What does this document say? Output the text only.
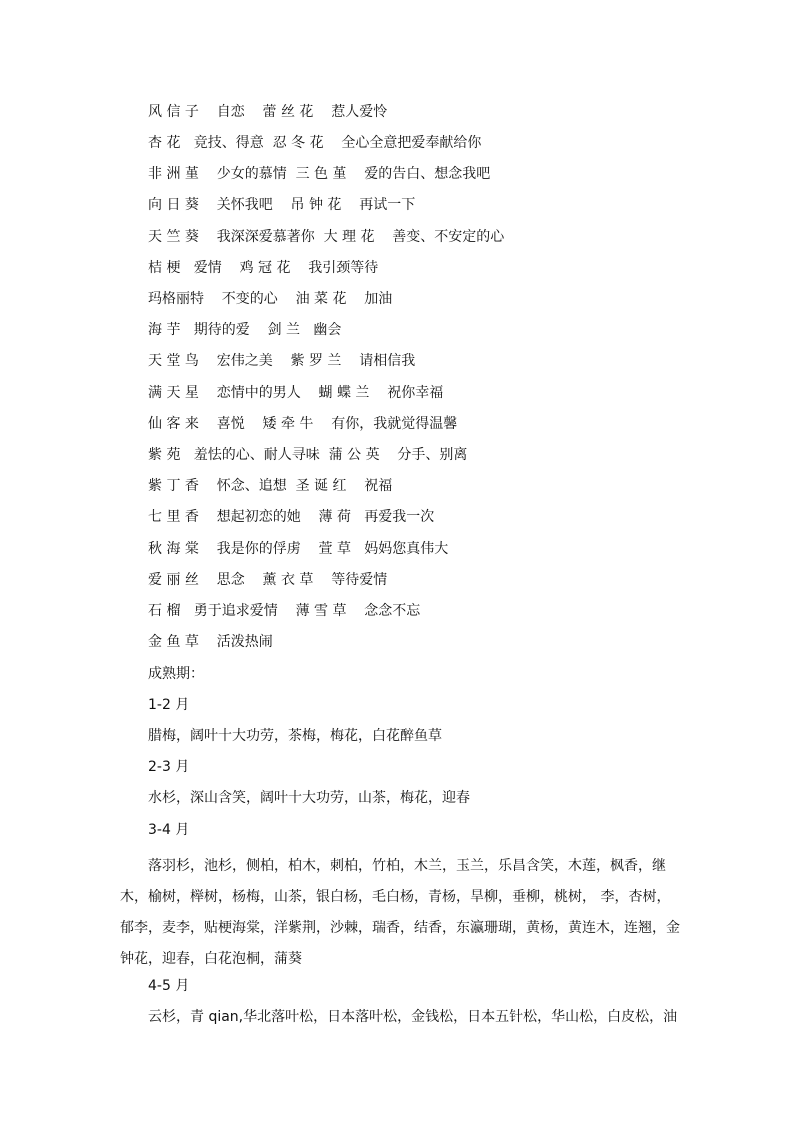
风 信 子    自恋    蕾 丝 花    惹人爱怜
杏 花   竞技、得意  忍 冬 花    全心全意把爱奉献给你
非 洲 堇    少女的慕情  三 色 堇    爱的告白、想念我吧
向 日 葵    关怀我吧    吊 钟 花    再试一下
天 竺 葵    我深深爱慕著你  大 理 花    善变、不安定的心
桔 梗   爱情    鸡 冠 花    我引颈等待
玛格丽特    不变的心    油 菜 花    加油
海 芋   期待的爱    剑 兰   幽会
天 堂 鸟    宏伟之美    紫 罗 兰    请相信我
满 天 星    恋情中的男人    蝴 蝶 兰    祝你幸福
仙 客 来    喜悦    矮 牵 牛    有你，我就觉得温馨
紫 苑   羞怯的心、耐人寻味  蒲 公 英    分手、别离
紫 丁 香    怀念、追想  圣 诞 红    祝福
七 里 香    想起初恋的她    薄 荷   再爱我一次
秋 海 棠    我是你的俘虏    萱 草   妈妈您真伟大
爱 丽 丝    思念    薰 衣 草    等待爱情
石 榴   勇于追求爱情    薄 雪 草    念念不忘
金 鱼 草    活泼热闹
成熟期：
1-2 月
腊梅，阔叶十大功劳，茶梅，梅花，白花醉鱼草
2-3 月
水杉，深山含笑，阔叶十大功劳，山茶，梅花，迎春
3-4 月
落羽杉，池杉，侧柏，柏木，刺柏，竹柏，木兰，玉兰，乐昌含笑，木莲，枫香，继木，榆树，榉树，杨梅，山茶，银白杨，毛白杨，青杨，旱柳，垂柳，桃树， 李，杏树，郁李，麦李，贴梗海棠，洋紫荆，沙棘，瑞香，结香，东瀛珊瑚，黄杨，黄连木，连翘，金钟花，迎春，白花泡桐，蒲葵
4-5 月
云杉，青 qian,华北落叶松，日本落叶松，金钱松，日本五针松，华山松，白皮松，油
